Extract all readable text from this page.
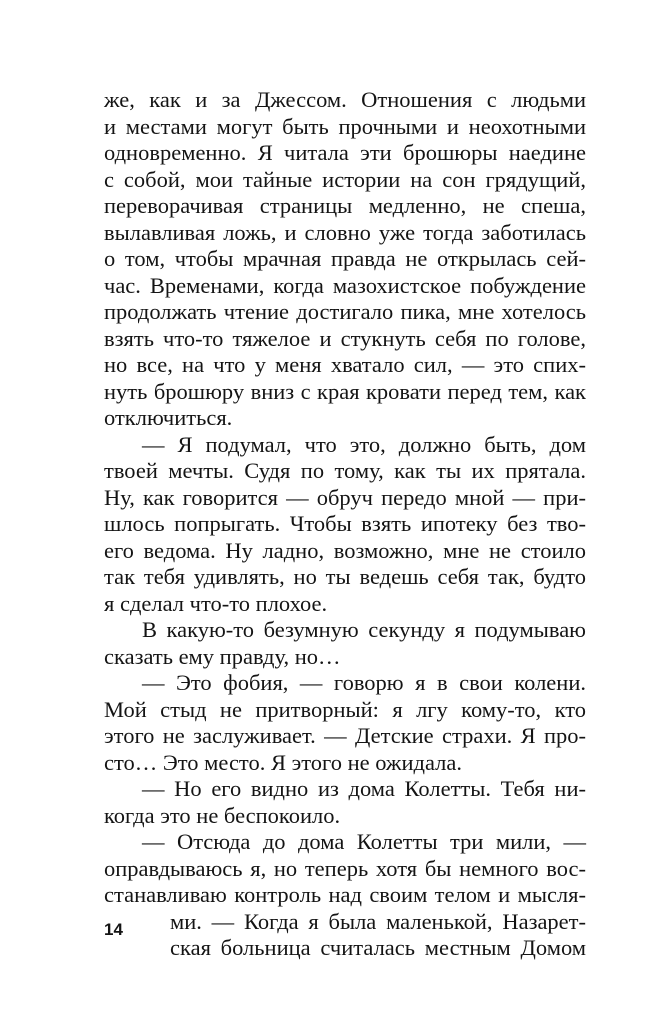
же, как и за Джессом. Отношения с людьми
и местами могут быть прочными и неохотными
одновременно. Я читала эти брошюры наедине
с собой, мои тайные истории на сон грядущий,
переворачивая страницы медленно, не спеша,
вылавливая ложь, и словно уже тогда заботилась
о том, чтобы мрачная правда не открылась сей-
час. Временами, когда мазохистское побуждение
продолжать чтение достигало пика, мне хотелось
взять что-то тяжелое и стукнуть себя по голове,
но все, на что у меня хватало сил, — это спих-
нуть брошюру вниз с края кровати перед тем, как
отключиться.
— Я подумал, что это, должно быть, дом
твоей мечты. Судя по тому, как ты их прятала.
Ну, как говорится — обруч передо мной — при-
шлось попрыгать. Чтобы взять ипотеку без тво-
его ведома. Ну ладно, возможно, мне не стоило
так тебя удивлять, но ты ведешь себя так, будто
я сделал что-то плохое.
В какую-то безумную секунду я подумываю
сказать ему правду, но…
— Это фобия, — говорю я в свои колени.
Мой стыд не притворный: я лгу кому-то, кто
этого не заслуживает. — Детские страхи. Я про-
сто… Это место. Я этого не ожидала.
— Но его видно из дома Колетты. Тебя ни-
когда это не беспокоило.
— Отсюда до дома Колетты три мили, —
оправдываюсь я, но теперь хотя бы немного вос-
станавливаю контроль над своим телом и мысля-
ми. — Когда я была маленькой, Назарет-
ская больница считалась местным Домом
14
